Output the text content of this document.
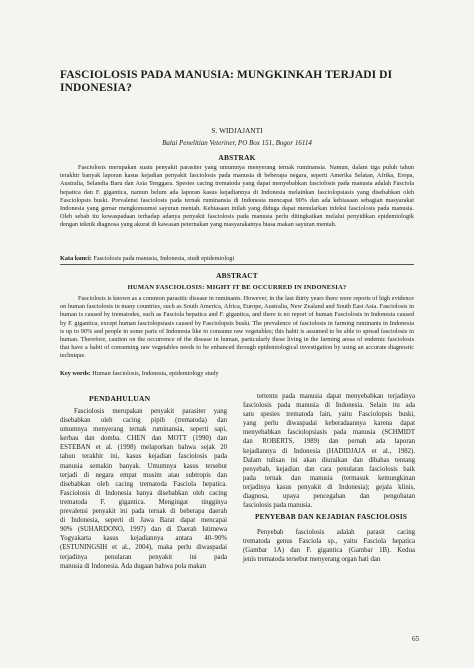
FASCIOLOSIS PADA MANUSIA: MUNGKINKAH TERJADI DI
INDONESIA?
S. WIDJAJANTI
Balai Penelitian Veteriner, PO Box 151, Bogor 16114
ABSTRAK

Fasciolosis merupakan suatu penyakit parasiter yang umumnya menyerang ternak ruminansia. Namun, dalam tiga puluh tahun terakhir banyak laporan kasus kejadian penyakit fasciolosis pada manusia di beberapa negara, seperti Amerika Selatan, Afrika, Eropa, Australia, Selandia Baru dan Asia Tenggara. Spesies cacing trematoda yang dapat menyebabkan fasciolosis pada manusia adalah Fasciola hepatica dan F. gigantica, namun belum ada laporan kasus kejadiannya di Indonesia melainkan fasciolopsiasis yang disebabkan oleh Fasciolopsis buski. Prevalensi fasciolosis pada ternak ruminansia di Indonesia mencapai 90% dan ada kebiasaan sebagian masyarakat Indonesia yang gemar mengkonsumsi sayuran mentah. Kebiasaan inilah yang diduga dapat menularkan infeksi fasciolosis pada manusia. Oleh sebab itu kewaspadaan terhadap adanya penyakit fasciolosis pada manusia perlu ditingkatkan melalui penyidikan epidemiologik dengan teknik diagnosa yang akurat di kawasan peternakan yang masyarakatnya biasa makan sayuran mentah.

Kata kunci: Fasciolosis pada manusia, Indonesia, studi epidemiologi
ABSTRACT
HUMAN FASCIOLOSIS: MIGHT IT BE OCCURRED IN INDONESIA?

Fasciolosis is known as a common parasitic disease in ruminants. However, in the last thirty years there were reports of high evidence on human fasciolosis in many countries, such as South America, Africa, Europe, Australia, New Zealand and South East Asia. Fasciolosis in human is caused by trematodes, such as Fasciola hepatica and F. gigantica, and there is no report of human Fasciolosis in Indonesia caused by F. gigantica, except human fasciolopsiasis caused by Fasciolopsis buski. The prevalence of fasciolosis in farming ruminants in Indonesia is up to 90% and people in some parts of Indonesia like to consume raw vegetables; this habit is assumed to be able to spread fasciolosis in human. Therefore, caution on the occurrence of the disease in human, particularly these living in the farming areas of endemic fasciolosis that have a habit of consuming raw vegetables needs to be enhanced through epidemiological investigation by using an accurate diagnostic technique.

Key words: Human fasciolosis, Indonesia, epidemiology study
PENDAHULUAN
Fasciolosis merupakan penyakit parasiter yang
disebabkan oleh cacing pipih (trematoda) dan
umumnya menyerang ternak ruminansia, seperti sapi,
kerbau dan domba. CHEN dan MOTT (1990) dan
ESTEBAN et al. (1998) melaporkan bahwa sejak 20
tahun terakhir ini, kasus kejadian fasciolosis pada
manusia semakin banyak. Umumnya kasus tersebut
terjadi di negara empat musim atau subtropis dan
disebabkan oleh cacing trematoda Fasciola hepatica.
Fasciolosis di Indonesia hanya disebabkan oleh cacing
trematoda F. gigantica. Mengingat tingginya
prevalensi penyakit ini pada ternak di beberapa daerah
di Indonesia, seperti di Jawa Barat dapat mencapai
90% (SUHARDONO, 1997) dan di Daerah Istimewa
Yogyakarta kasus kejadiannya antara 40–90%
(ESTUNINGSIH et al., 2004), maka perlu diwaspadai
terjadinya penularan penyakit ini pada
manusia di Indonesia. Ada dugaan bahwa pola makan
tertentu pada manusia dapat menyebabkan terjadinya
fasciolosis pada manusia di Indonesia. Selain itu ada
satu spesies trematoda lain, yaitu Fasciolopsis buski,
yang perlu diwaspadai keberadaannya karena dapat
menyebabkan fasciolopsiasis pada manusia (SCHMIDT
dan ROBERTS, 1989) dan pernah ada laporan
kejadiannya di Indonesia (HADIDJAJA et al., 1982).
Dalam tulisan ini akan diuraikan dan dibahas tentang
penyebab, kejadian dan cara penularan fasciolosis baik
pada ternak dan manusia (termasuk kemungkinan
terjadinya kasus penyakit di Indonesia); gejala klinis,
diagnosa, upaya pencegahan dan pengobatan
fasciolosis pada manusia.
PENYEBAB DAN KEJADIAN FASCIOLOSIS
Penyebab fasciolosis adalah parasit cacing
trematoda genus Fasciola sp., yaitu Fasciola hepatica
(Gambar 1A) dan F. gigantica (Gambar 1B). Kedua
jenis trematoda tersebut menyerang organ hati dan
65
